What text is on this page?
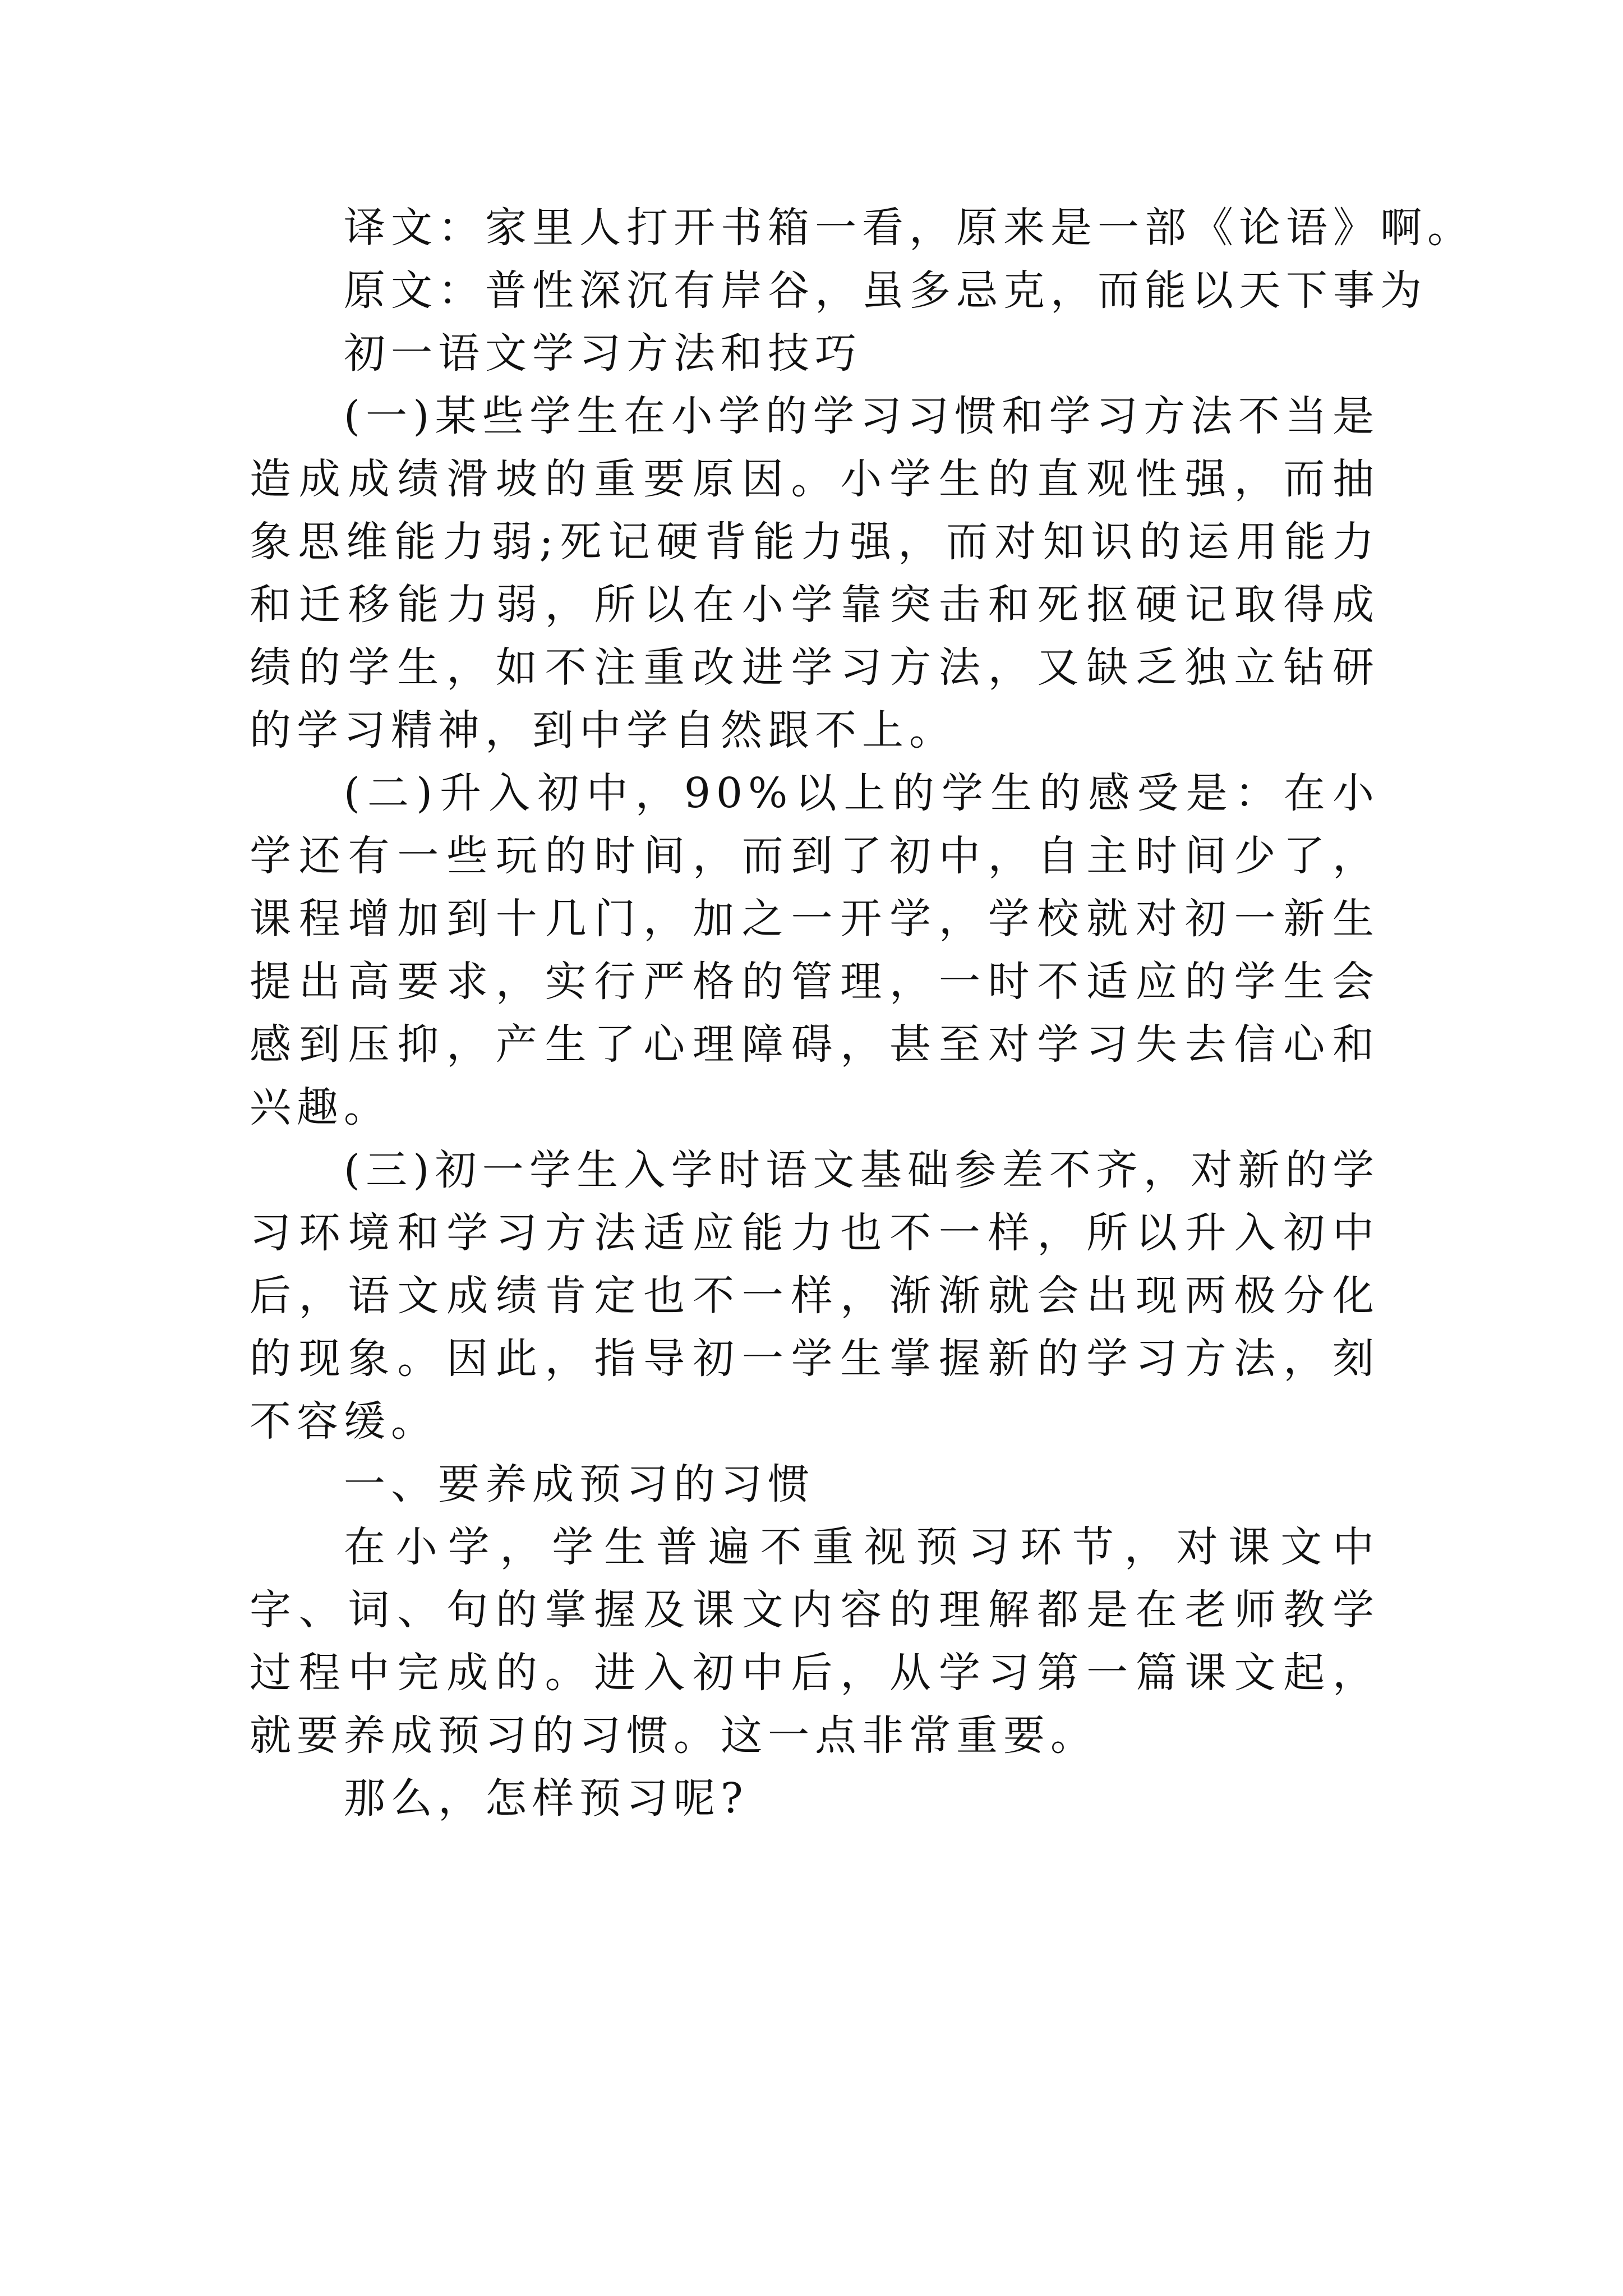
译文：家里人打开书箱一看，原来是一部《论语》啊。

原文：普性深沉有岸谷，虽多忌克，而能以天下事为

初一语文学习方法和技巧

(一)某些学生在小学的学习习惯和学习方法不当是造成成绩滑坡的重要原因。小学生的直观性强，而抽象思维能力弱;死记硬背能力强，而对知识的运用能力和迁移能力弱，所以在小学靠突击和死抠硬记取得成绩的学生，如不注重改进学习方法，又缺乏独立钻研的学习精神，到中学自然跟不上。

(二)升入初中，90%以上的学生的感受是：在小学还有一些玩的时间，而到了初中，自主时间少了，课程增加到十几门，加之一开学，学校就对初一新生提出高要求，实行严格的管理，一时不适应的学生会感到压抑，产生了心理障碍，甚至对学习失去信心和兴趣。

(三)初一学生入学时语文基础参差不齐，对新的学习环境和学习方法适应能力也不一样，所以升入初中后，语文成绩肯定也不一样，渐渐就会出现两极分化的现象。因此，指导初一学生掌握新的学习方法，刻不容缓。

一、要养成预习的习惯

在小学，学生普遍不重视预习环节，对课文中字、词、句的掌握及课文内容的理解都是在老师教学过程中完成的。进入初中后，从学习第一篇课文起，就要养成预习的习惯。这一点非常重要。

那么，怎样预习呢?
